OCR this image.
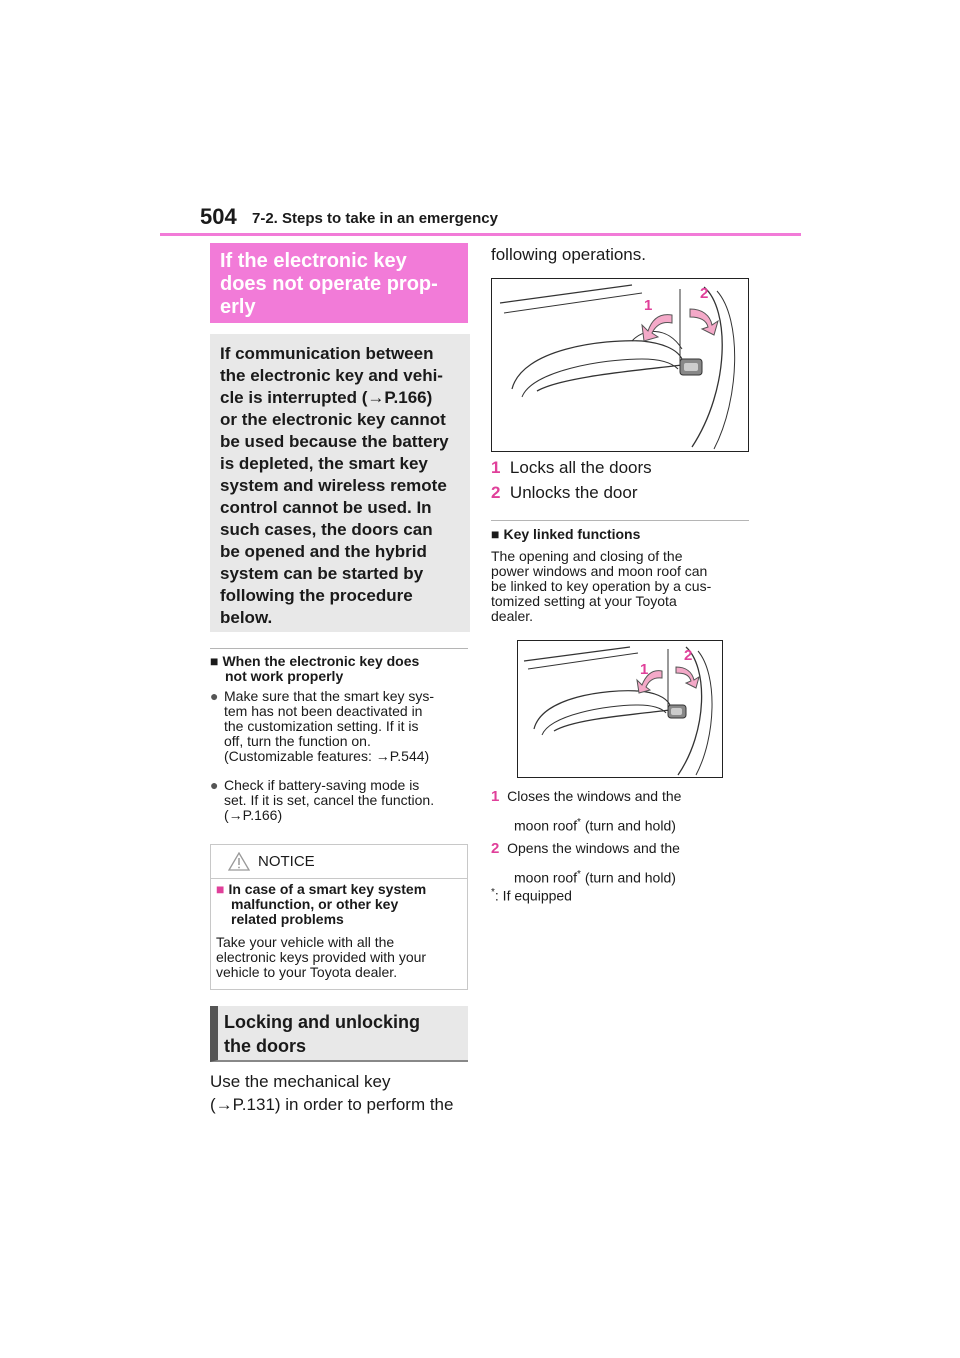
504 7-2. Steps to take in an emergency
If the electronic key
does not operate prop-
erly

If communication between

the electronic key and vehi-

cle is interrupted (→P.166)

or the electronic key cannot

be used because the battery

is depleted, the smart key

system and wireless remote

control cannot be used. In

such cases, the doors can

be opened and the hybrid

system can be started by

following the procedure

below.

■ When the electronic key does
not work properly
● Make sure that the smart key sys-
tem has not been deactivated in
the customization setting. If it is
off, turn the function on.
(Customizable features: →P.544)
● Check if battery-saving mode is
set. If it is set, cancel the function.
(→P.166)
NOTICE
■ In case of a smart key system
malfunction, or other key
related problems
Take your vehicle with all the
electronic keys provided with your
vehicle to your Toyota dealer.
Locking and unlocking
the doors
Use the mechanical key
(→P.131) in order to perform the
following operations.
1
2
1 Locks all the doors
2 Unlocks the door
■ Key linked functions
The opening and closing of the
power windows and moon roof can
be linked to key operation by a cus-
tomized setting at your Toyota
dealer.
1
2
1 Closes the windows and the
moon roof* (turn and hold)
2 Opens the windows and the
moon roof* (turn and hold)
*: If equipped
